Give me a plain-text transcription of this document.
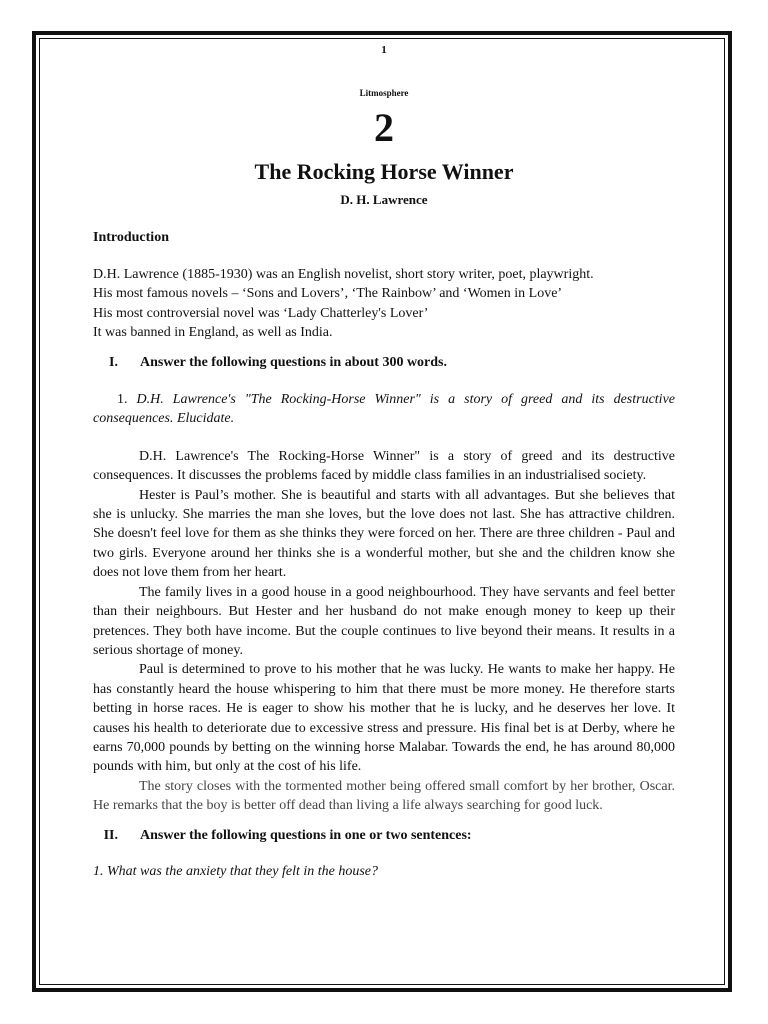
1
Litmosphere
2
The Rocking Horse Winner
D. H. Lawrence

Introduction

D.H. Lawrence (1885-1930) was an English novelist, short story writer, poet, playwright.

His most famous novels – ‘Sons and Lovers’, ‘The Rainbow’ and ‘Women in Love’

His most controversial novel was ‘Lady Chatterley's Lover’

It was banned in England, as well as India.

I. Answer the following questions in about 300 words.

1. D.H. Lawrence's "The Rocking-Horse Winner" is a story of greed and its destructive consequences. Elucidate.

D.H. Lawrence's The Rocking-Horse Winner" is a story of greed and its destructive consequences. It discusses the problems faced by middle class families in an industrialised society.

Hester is Paul’s mother. She is beautiful and starts with all advantages. But she believes that she is unlucky. She marries the man she loves, but the love does not last. She has attractive children. She doesn't feel love for them as she thinks they were forced on her. There are three children - Paul and two girls. Everyone around her thinks she is a wonderful mother, but she and the children know she does not love them from her heart.

The family lives in a good house in a good neighbourhood. They have servants and feel better than their neighbours. But Hester and her husband do not make enough money to keep up their pretences. They both have income. But the couple continues to live beyond their means. It results in a serious shortage of money.

Paul is determined to prove to his mother that he was lucky. He wants to make her happy. He has constantly heard the house whispering to him that there must be more money. He therefore starts betting in horse races. He is eager to show his mother that he is lucky, and he deserves her love. It causes his health to deteriorate due to excessive stress and pressure. His final bet is at Derby, where he earns 70,000 pounds by betting on the winning horse Malabar. Towards the end, he has around 80,000 pounds with him, but only at the cost of his life.

The story closes with the tormented mother being offered small comfort by her brother, Oscar. He remarks that the boy is better off dead than living a life always searching for good luck.

II. Answer the following questions in one or two sentences:

1. What was the anxiety that they felt in the house?
